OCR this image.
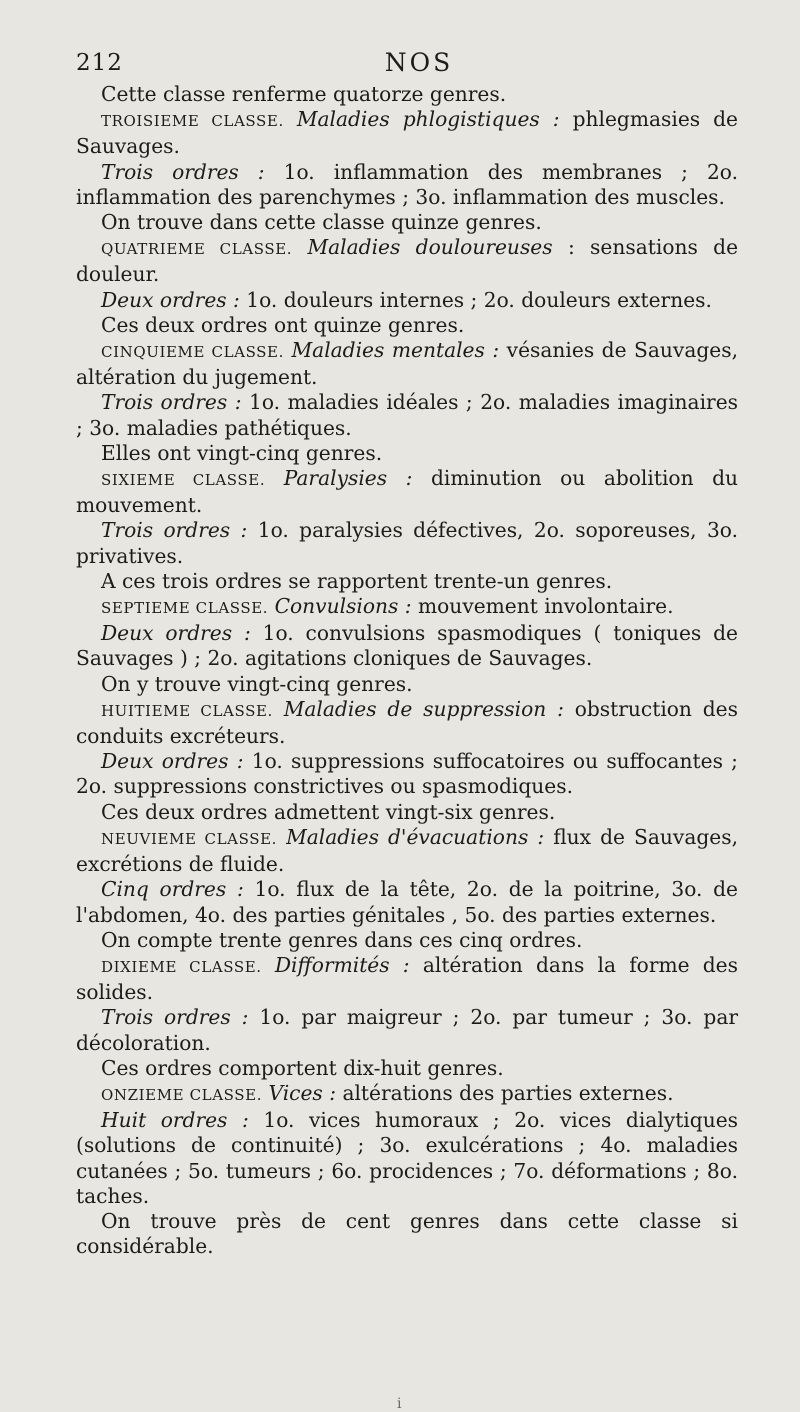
212	NOS

Cette classe renferme quatorze genres.

TROISIEME CLASSE. Maladies phlogistiques : phlegmasies de Sauvages.

Trois ordres : 1o. inflammation des membranes ; 2o. inflammation des parenchymes ; 3o. inflammation des muscles.

On trouve dans cette classe quinze genres.

QUATRIEME CLASSE. Maladies douloureuses : sensations de douleur.

Deux ordres : 1o. douleurs internes ; 2o. douleurs externes.

Ces deux ordres ont quinze genres.

CINQUIEME CLASSE. Maladies mentales : vésanies de Sauvages, altération du jugement.

Trois ordres : 1o. maladies idéales ; 2o. maladies imaginaires ; 3o. maladies pathétiques.

Elles ont vingt-cinq genres.

SIXIEME CLASSE. Paralysies : diminution ou abolition du mouvement.

Trois ordres : 1o. paralysies défectives, 2o. soporeuses, 3o. privatives.

A ces trois ordres se rapportent trente-un genres.

SEPTIEME CLASSE. Convulsions : mouvement involontaire.

Deux ordres : 1o. convulsions spasmodiques ( toniques de Sauvages ) ; 2o. agitations cloniques de Sauvages.

On y trouve vingt-cinq genres.

HUITIEME CLASSE. Maladies de suppression : obstruction des conduits excréteurs.

Deux ordres : 1o. suppressions suffocatoires ou suffocantes ; 2o. suppressions constrictives ou spasmodiques.

Ces deux ordres admettent vingt-six genres.

NEUVIEME CLASSE. Maladies d'évacuations : flux de Sauvages, excrétions de fluide.

Cinq ordres : 1o. flux de la tête, 2o. de la poitrine, 3o. de l'abdomen, 4o. des parties génitales , 5o. des parties externes.

On compte trente genres dans ces cinq ordres.

DIXIEME CLASSE. Difformités : altération dans la forme des solides.

Trois ordres : 1o. par maigreur ; 2o. par tumeur ; 3o. par décoloration.

Ces ordres comportent dix-huit genres.

ONZIEME CLASSE. Vices : altérations des parties externes.

Huit ordres : 1o. vices humoraux ; 2o. vices dialytiques (solutions de continuité) ; 3o. exulcérations ; 4o. maladies cutanées ; 5o. tumeurs ; 6o. procidences ; 7o. déformations ; 8o. taches.

On trouve près de cent genres dans cette classe si considérable.

ⅰ
